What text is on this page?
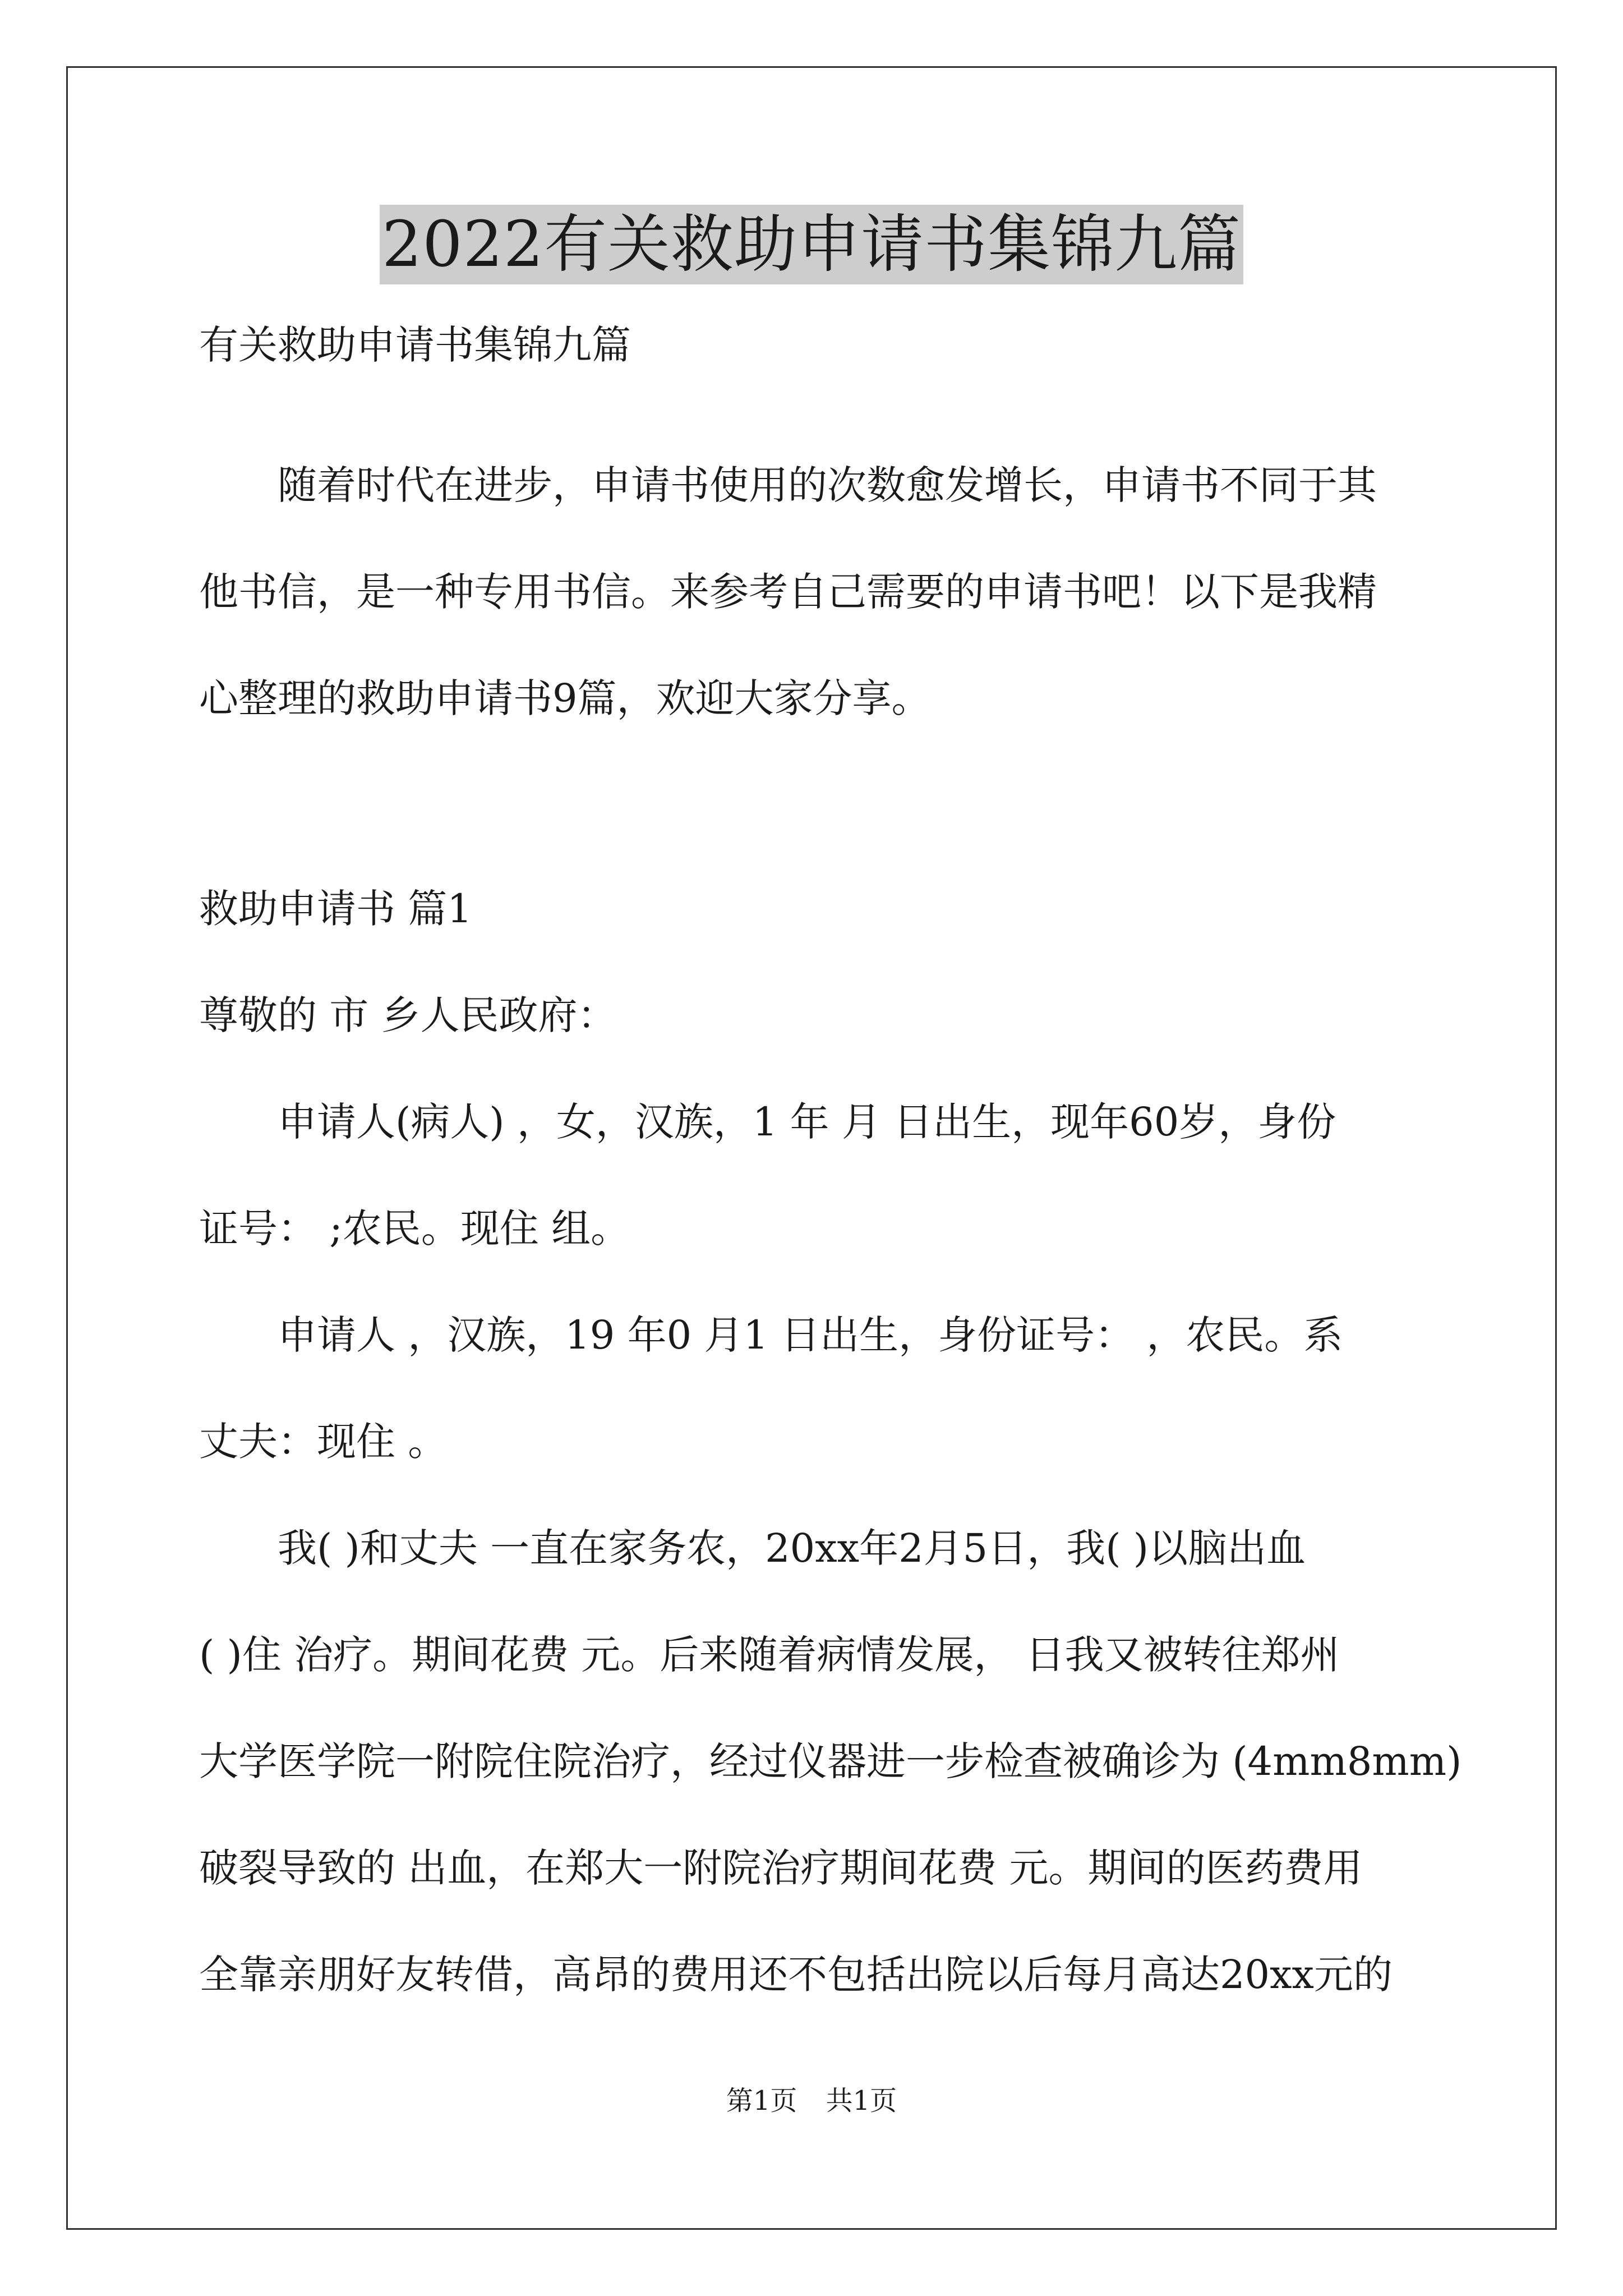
2022有关救助申请书集锦九篇
有关救助申请书集锦九篇
　　随着时代在进步，申请书使用的次数愈发增长，申请书不同于其
他书信，是一种专用书信。来参考自己需要的申请书吧！以下是我精
心整理的救助申请书9篇，欢迎大家分享。
救助申请书 篇1
尊敬的 市 乡人民政府：
　　申请人(病人) ，女，汉族，1 年 月 日出生，现年60岁，身份
证号： ;农民。现住 组。
　　申请人 ，汉族，19 年0 月1 日出生，身份证号： ，农民。系
丈夫：现住 。
　　我( )和丈夫 一直在家务农，20xx年2月5日，我( )以脑出血
( )住 治疗。期间花费 元。后来随着病情发展， 日我又被转往郑州
大学医学院一附院住院治疗，经过仪器进一步检查被确诊为 (4mm8mm)
破裂导致的 出血，在郑大一附院治疗期间花费 元。期间的医药费用
全靠亲朋好友转借，高昂的费用还不包括出院以后每月高达20xx元的
第1页 共1页
